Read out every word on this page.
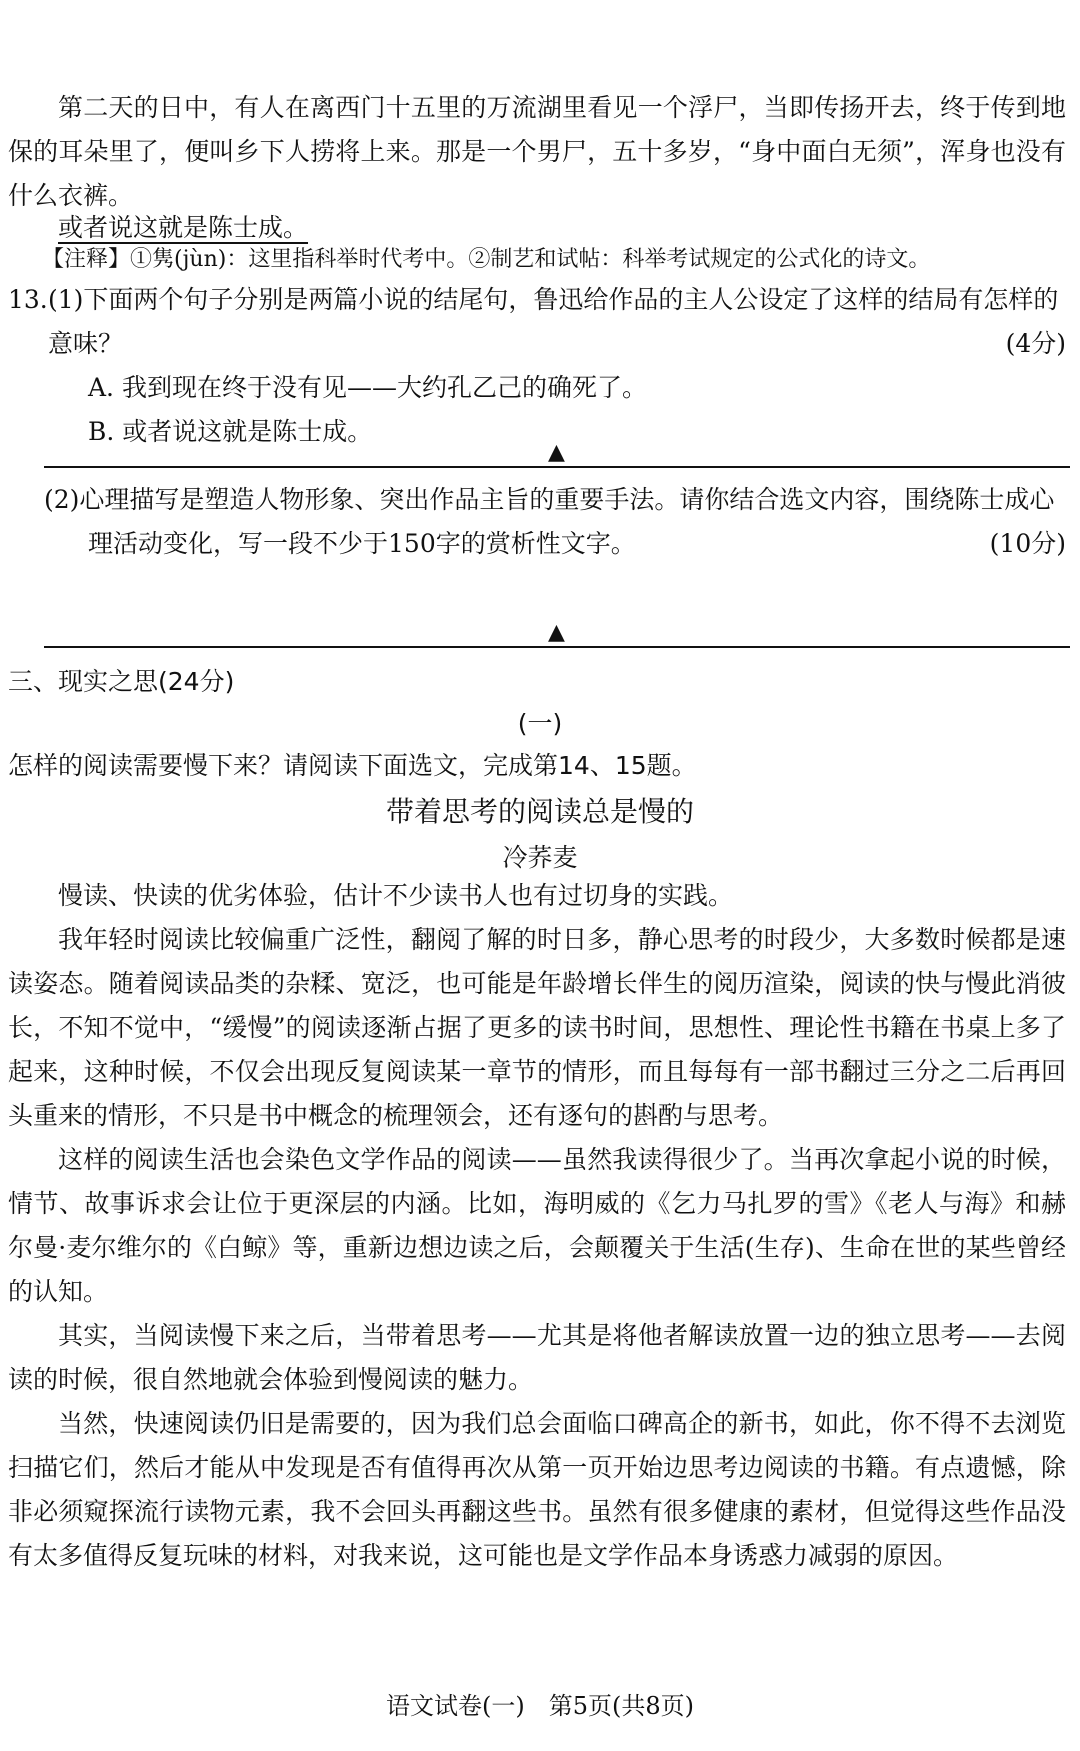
第二天的日中，有人在离西门十五里的万流湖里看见一个浮尸，当即传扬开去，终于传到地保的耳朵里了，便叫乡下人捞将上来。那是一个男尸，五十多岁，“身中面白无须”，浑身也没有什么衣裤。

或者说这就是陈士成。

【注释】①隽(jùn)：这里指科举时代考中。②制艺和试帖：科举考试规定的公式化的诗文。

13. (1)下面两个句子分别是两篇小说的结尾句，鲁迅给作品的主人公设定了这样的结局有怎样的意味？	(4分)

A. 我到现在终于没有见——大约孔乙己的确死了。

B. 或者说这就是陈士成。

▲

(2)心理描写是塑造人物形象、突出作品主旨的重要手法。请你结合选文内容，围绕陈士成心理活动变化，写一段不少于150字的赏析性文字。	(10分)
▲
三、现实之思(24分)
(一)
怎样的阅读需要慢下来？请阅读下面选文，完成第14、15题。
带着思考的阅读总是慢的
冷荞麦

慢读、快读的优劣体验，估计不少读书人也有过切身的实践。

我年轻时阅读比较偏重广泛性，翻阅了解的时日多，静心思考的时段少，大多数时候都是速读姿态。随着阅读品类的杂糅、宽泛，也可能是年龄增长伴生的阅历渲染，阅读的快与慢此消彼长，不知不觉中，“缓慢”的阅读逐渐占据了更多的读书时间，思想性、理论性书籍在书桌上多了起来，这种时候，不仅会出现反复阅读某一章节的情形，而且每每有一部书翻过三分之二后再回头重来的情形，不只是书中概念的梳理领会，还有逐句的斟酌与思考。

这样的阅读生活也会染色文学作品的阅读——虽然我读得很少了。当再次拿起小说的时候，情节、故事诉求会让位于更深层的内涵。比如，海明威的《乞力马扎罗的雪》《老人与海》和赫尔曼·麦尔维尔的《白鲸》等，重新边想边读之后，会颠覆关于生活(生存)、生命在世的某些曾经的认知。

其实，当阅读慢下来之后，当带着思考——尤其是将他者解读放置一边的独立思考——去阅读的时候，很自然地就会体验到慢阅读的魅力。

当然，快速阅读仍旧是需要的，因为我们总会面临口碑高企的新书，如此，你不得不去浏览扫描它们，然后才能从中发现是否有值得再次从第一页开始边思考边阅读的书籍。有点遗憾，除非必须窥探流行读物元素，我不会回头再翻这些书。虽然有很多健康的素材，但觉得这些作品没有太多值得反复玩味的材料，对我来说，这可能也是文学作品本身诱惑力减弱的原因。

语文试卷(一)　第5页(共8页)
